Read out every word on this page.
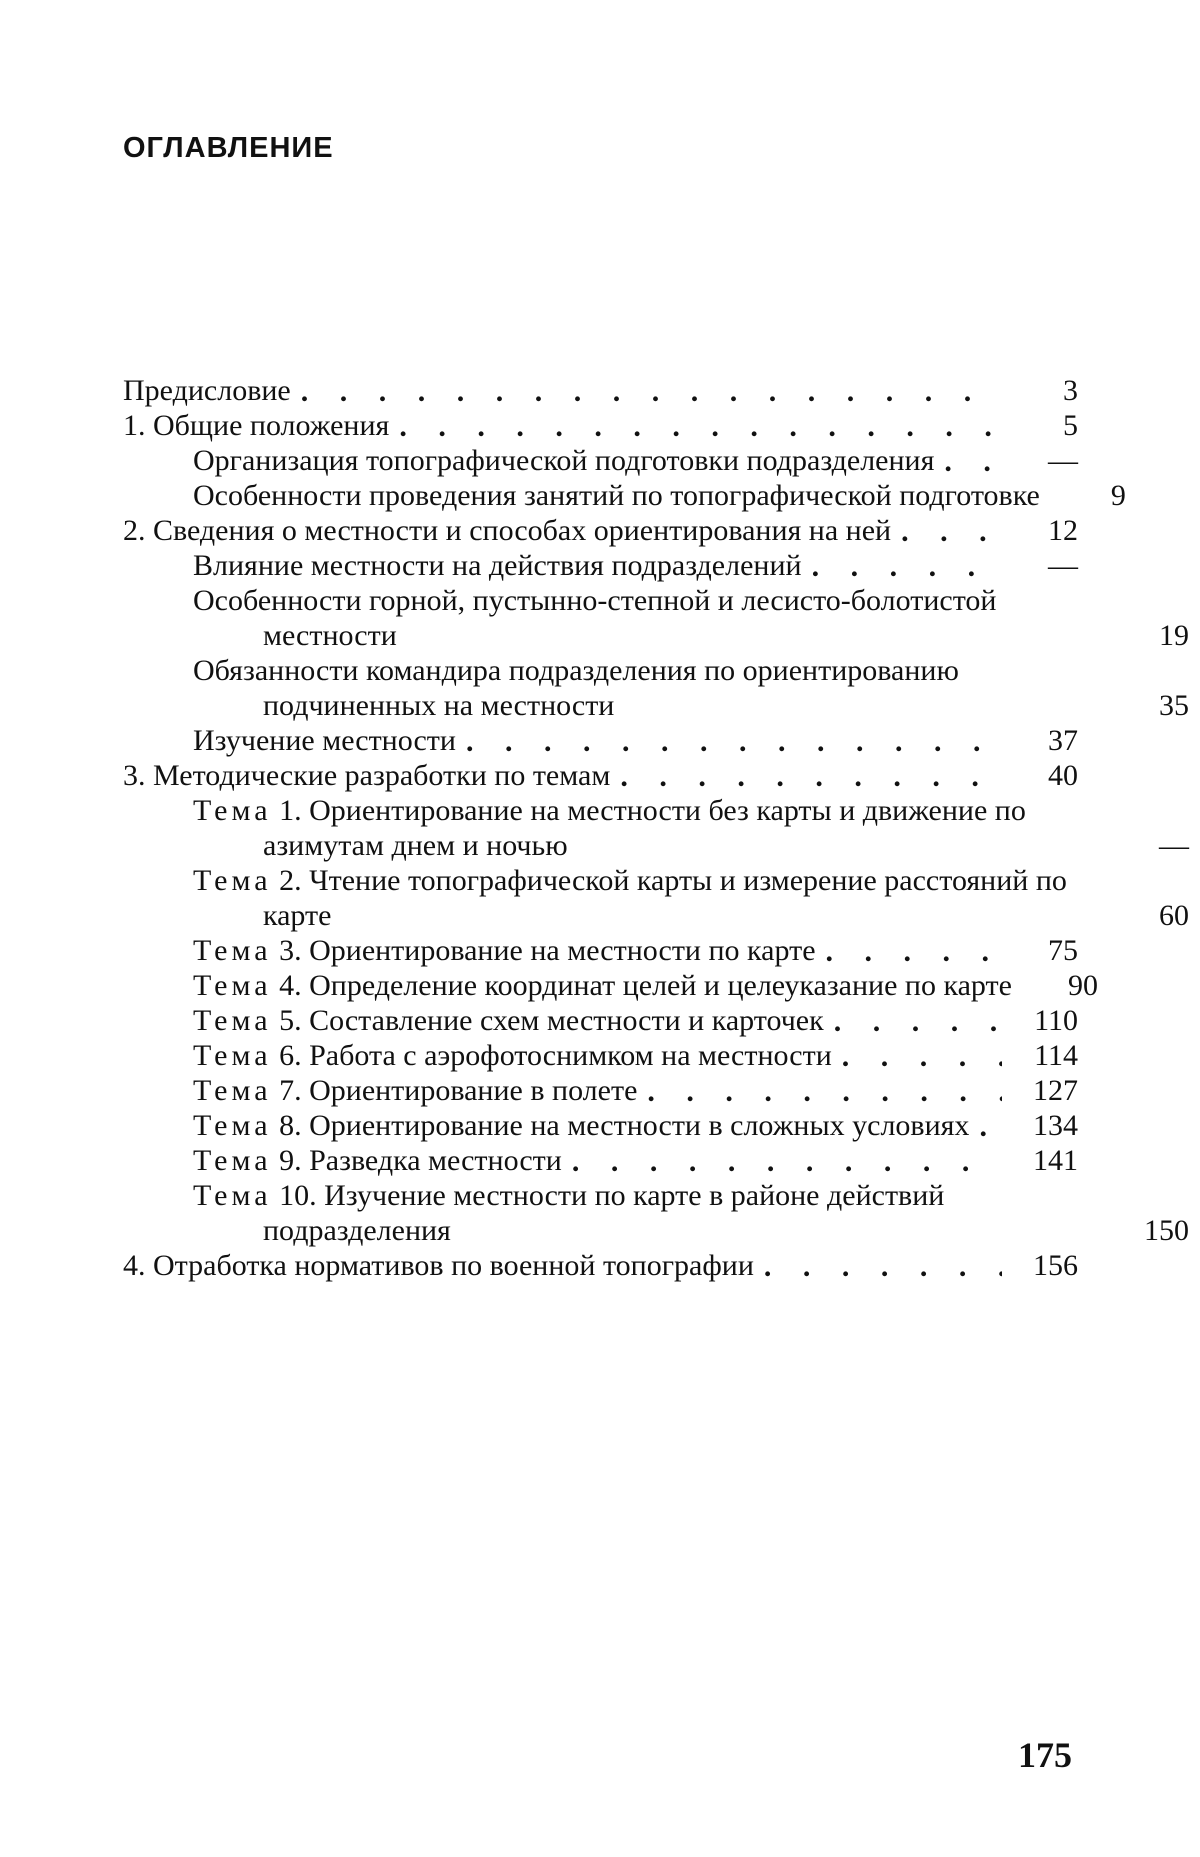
ОГЛАВЛЕНИЕ
Предисловие . . .	3
1. Общие положения . . .	5
Организация топографической подготовки подразделения . . .	—
Особенности проведения занятий по топографической подготовке	9
2. Сведения о местности и способах ориентирования на ней . . .	12
Влияние местности на действия подразделений . . .	—
Особенности горной, пустынно-степной и лесисто-болотистой местности	19
Обязанности командира подразделения по ориентированию подчиненных на местности	35
Изучение местности . . .	37
3. Методические разработки по темам . . .	40
Тема 1. Ориентирование на местности без карты и движение по азимутам днем и ночью	—
Тема 2. Чтение топографической карты и измерение расстояний по карте	60
Тема 3. Ориентирование на местности по карте . . .	75
Тема 4. Определение координат целей и целеуказание по карте	90
Тема 5. Составление схем местности и карточек . . .	110
Тема 6. Работа с аэрофотоснимком на местности . . .	114
Тема 7. Ориентирование в полете . . .	127
Тема 8. Ориентирование на местности в сложных условиях . . .	134
Тема 9. Разведка местности . . .	141
Тема 10. Изучение местности по карте в районе действий подразделения	150
4. Отработка нормативов по военной топографии . . .	156
175
